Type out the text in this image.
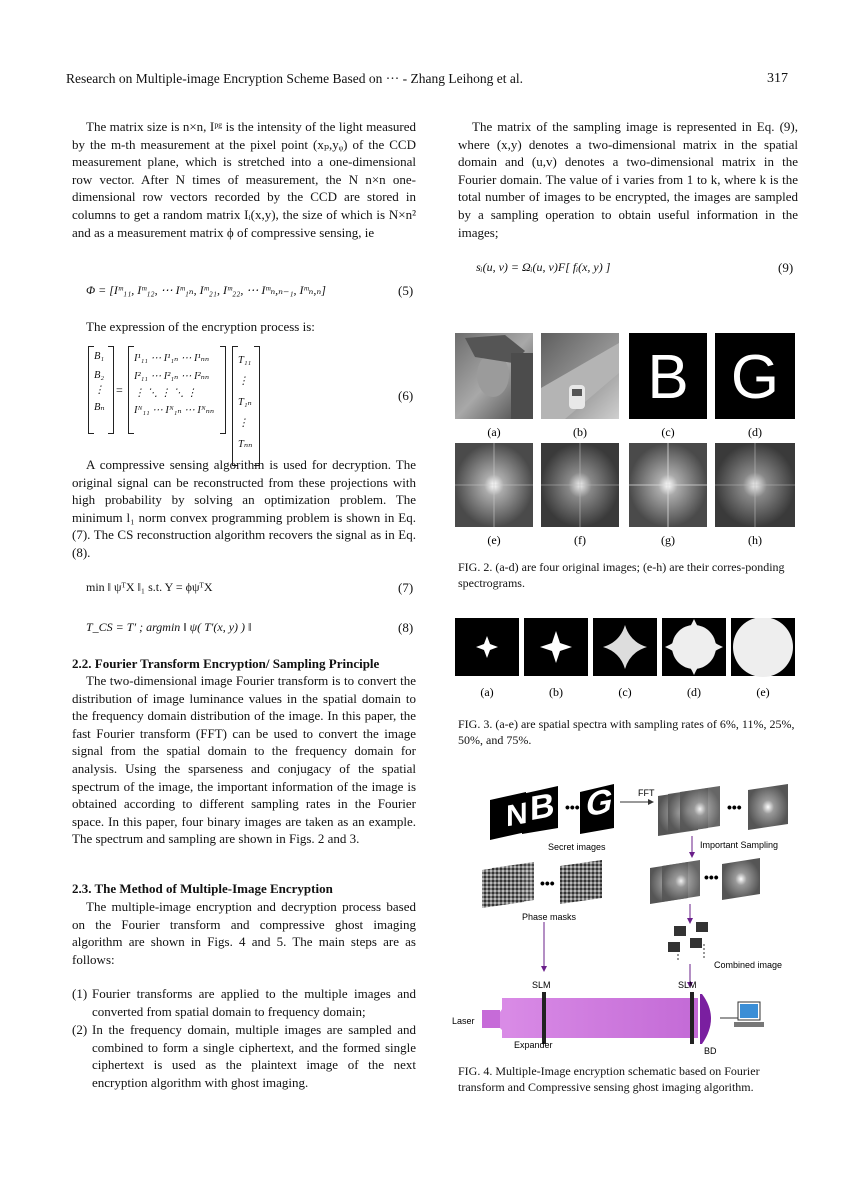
Research on Multiple-image Encryption Scheme Based on ··· - Zhang Leihong et al.	317
The matrix size is n×n, Iᵖᵍ is the intensity of the light measured by the m-th measurement at the pixel point (xₚ,yᵩ) of the CCD measurement plane, which is stretched into a one-dimensional row vector. After N times of measurement, the N n×n one-dimensional row vectors recorded by the CCD are stored in columns to get a random matrix Iᵢ(x,y), the size of which is N×n² and as a measurement matrix ϕ of compressive sensing, ie
Φ = [Iᵐ₁₁, Iᵐ₁₂, ⋯ Iᵐ₁ₙ, Iᵐ₂₁, Iᵐ₂₂, ⋯ Iᵐₙ,ₙ₋₁, Iᵐₙ,ₙ]	(5)
The expression of the encryption process is:
B₁
B₂
⋮
Bₙ
=
I¹₁₁ ⋯ I¹₁ₙ ⋯ I¹ₙₙ
I²₁₁ ⋯ I²₁ₙ ⋯ I²ₙₙ
⋮ ⋱ ⋮ ⋱ ⋮
Iᴺ₁₁ ⋯ Iᴺ₁ₙ ⋯ Iᴺₙₙ
T₁₁
⋮
T₁ₙ
⋮
Tₙₙ
(6)
A compressive sensing algorithm is used for decryption. The original signal can be reconstructed from these projections with high probability by solving an optimization problem. The minimum l₁ norm convex programming problem is shown in Eq. (7). The CS reconstruction algorithm recovers the signal as in Eq. (8).
min ‖ ψᵀX ‖₁ s.t. Y = ϕψᵀX	(7)
T_CS = T′ ; argmin ‖ ψ( T′(x, y) ) ‖	(8)
2.2. Fourier Transform Encryption/ Sampling Principle
The two-dimensional image Fourier transform is to convert the distribution of image luminance values in the spatial domain to the frequency domain distribution of the image. In this paper, the fast Fourier transform (FFT) can be used to convert the image signal from the spatial domain to the frequency domain for analysis. Using the sparseness and conjugacy of the spatial spectrum of the image, the important information of the image is obtained according to different sampling rates in the Fourier space. In this paper, four binary images are taken as an example. The spectrum and sampling are shown in Figs. 2 and 3.
2.3. The Method of Multiple-Image Encryption
The multiple-image encryption and decryption process based on the Fourier transform and compressive ghost imaging algorithm are shown in Figs. 4 and 5. The main steps are as follows:
(1) Fourier transforms are applied to the multiple images and converted from spatial domain to frequency domain;
(2) In the frequency domain, multiple images are sampled and combined to form a single ciphertext, and the formed single ciphertext is used as the plaintext image of the next encryption algorithm with ghost imaging.
The matrix of the sampling image is represented in Eq. (9), where (x,y) denotes a two-dimensional matrix in the spatial domain and (u,v) denotes a two-dimensional matrix in the Fourier domain. The value of i varies from 1 to k, where k is the total number of images to be encrypted, the images are sampled by a sampling operation to obtain useful information in the images;
sᵢ(u, v) = Ωᵢ(u, v)F[ fᵢ(x, y) ]	(9)
B G
(a)	(b)	(c)	(d)
(e)	(f)	(g)	(h)
FIG. 2. (a-d) are four original images; (e-h) are their corres-ponding spectrograms.
(a)	(b)	(c)	(d)	(e)
FIG. 3. (a-e) are spatial spectra with sampling rates of 6%, 11%, 25%, 50%, and 75%.
N B G
•••
Secret images
FFT
•••
Important Sampling
•••
Combined image
•••
Phase masks
SLM	SLM
Laser
Expander
BD
FIG. 4. Multiple-Image encryption schematic based on Fourier transform and Compressive sensing ghost imaging algorithm.
